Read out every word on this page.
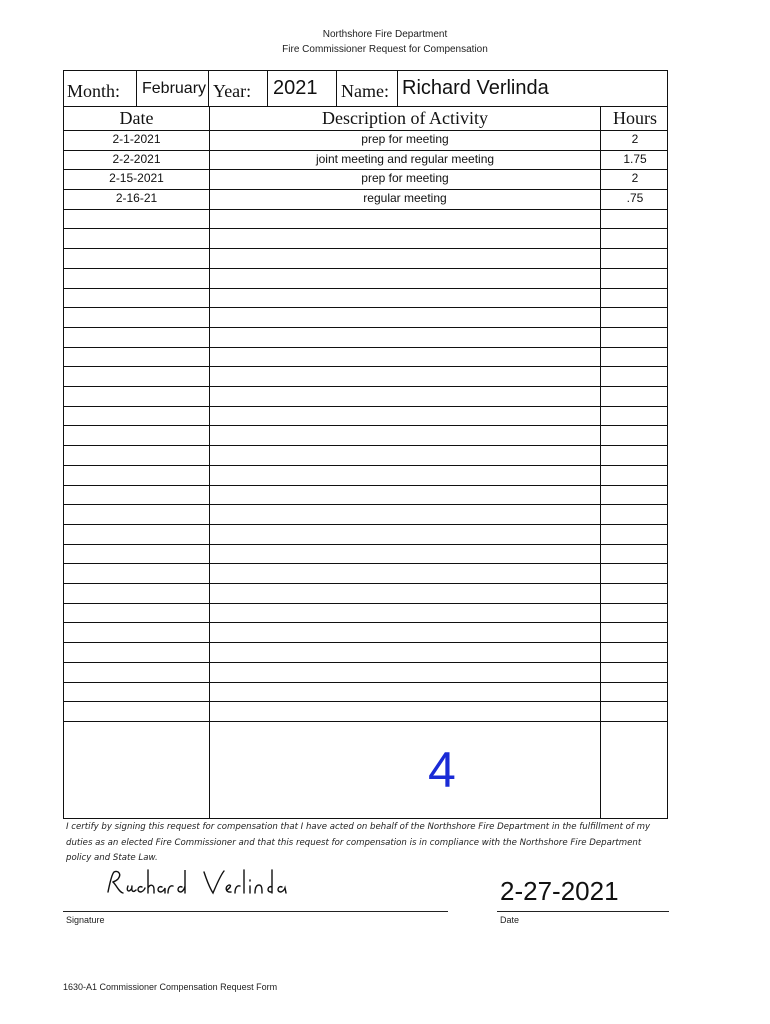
Northshore Fire Department
Fire Commissioner Request for Compensation
Month: February Year: 2021 Name: Richard Verlinda
Date	Description of Activity	Hours
2-1-2021	prep for meeting	2
2-2-2021	joint meeting and regular meeting	1.75
2-15-2021	prep for meeting	2
2-16-21	regular meeting	.75
4
I certify by signing this request for compensation that I have acted on behalf of the Northshore Fire Department in the fulfillment of my duties as an elected Fire Commissioner and that this request for compensation is in compliance with the Northshore Fire Department policy and State Law.
Signature
2-27-2021
Date
1630-A1 Commissioner Compensation Request Form
